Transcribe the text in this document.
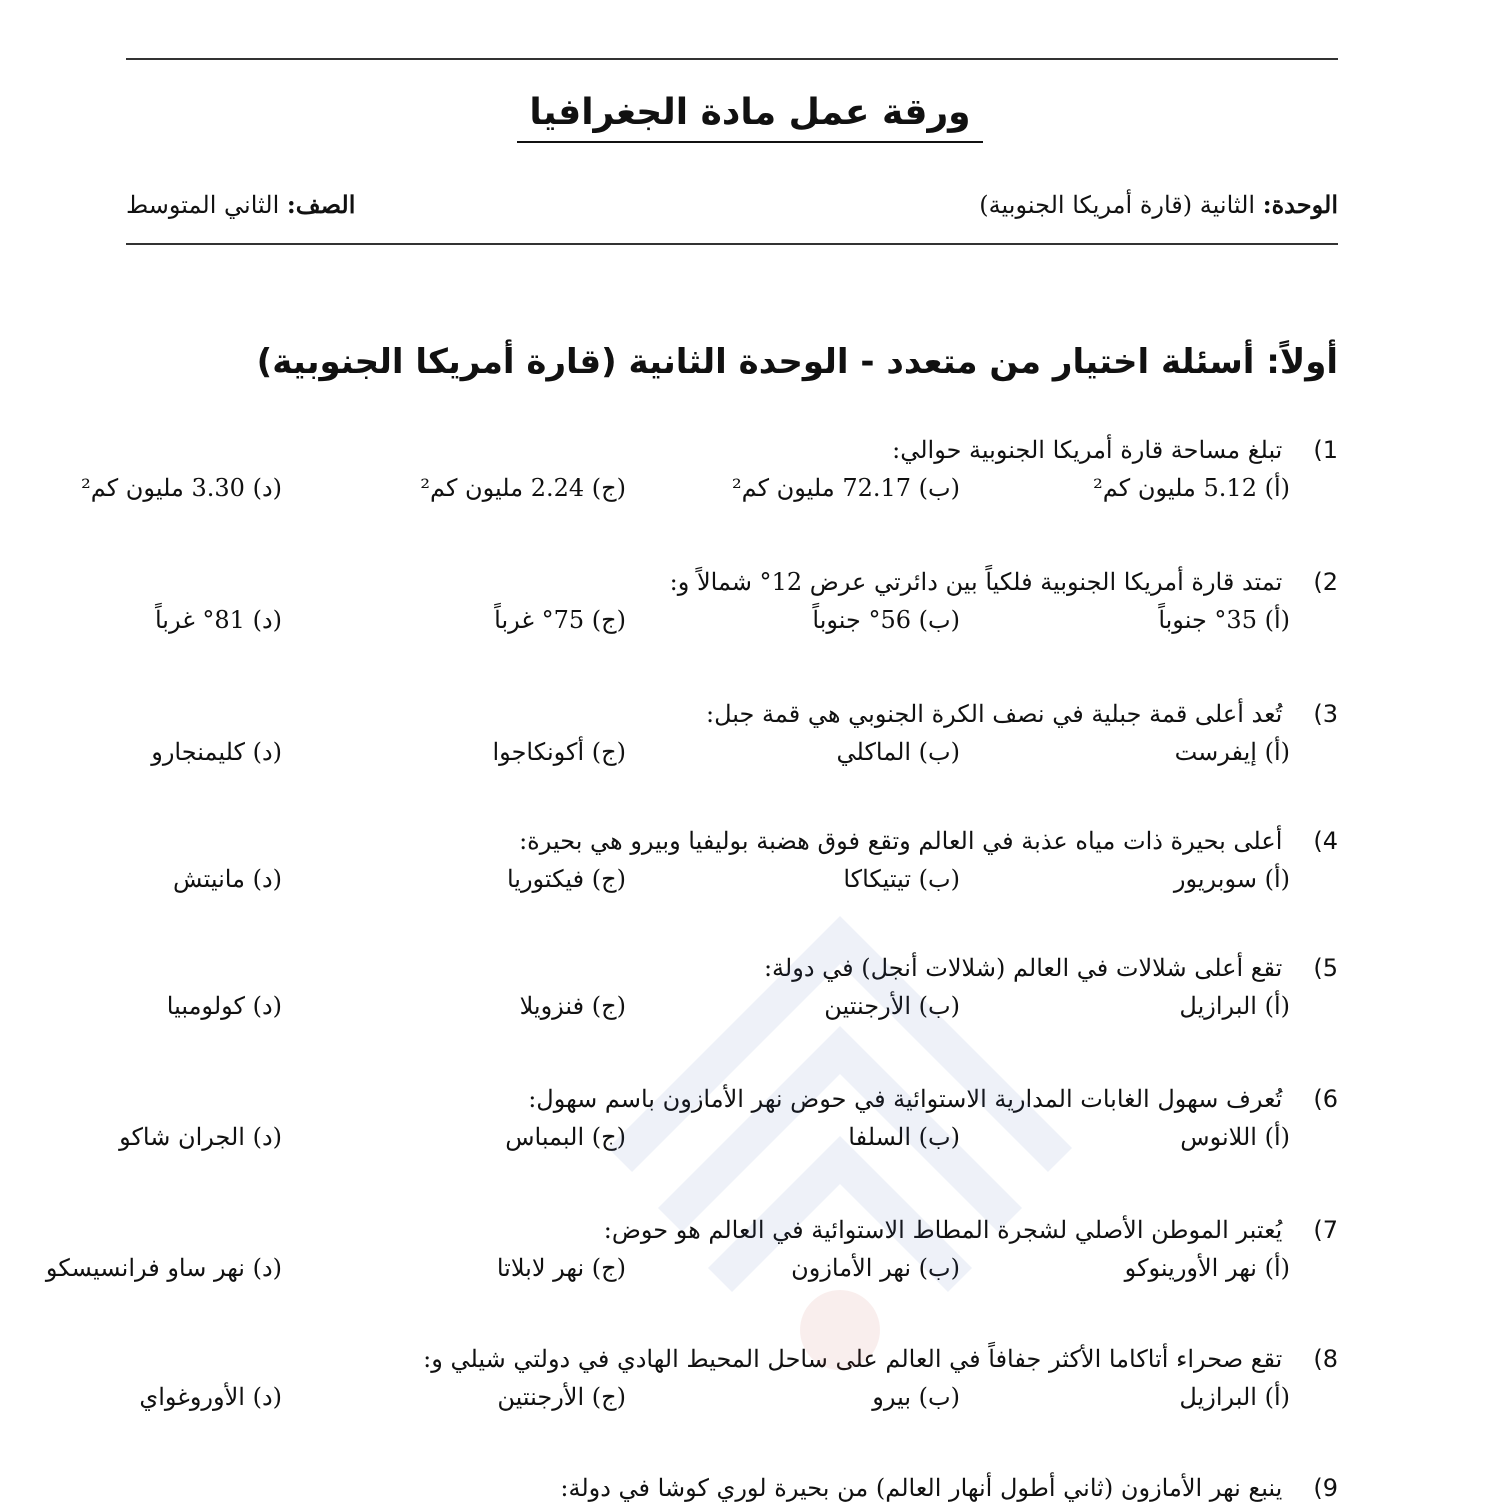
ورقة عمل مادة الجغرافيا
الوحدة: الثانية (قارة أمريكا الجنوبية)
الصف: الثاني المتوسط
أولاً: أسئلة اختيار من متعدد - الوحدة الثانية (قارة أمريكا الجنوبية)
1) تبلغ مساحة قارة أمريكا الجنوبية حوالي:
(أ) 5.12 مليون كم²
(ب) 72.17 مليون كم²
(ج) 2.24 مليون كم²
(د) 3.30 مليون كم²
2) تمتد قارة أمريكا الجنوبية فلكياً بين دائرتي عرض 12° شمالاً و:
(أ) 35° جنوباً
(ب) 56° جنوباً
(ج) 75° غرباً
(د) 81° غرباً
3) تُعد أعلى قمة جبلية في نصف الكرة الجنوبي هي قمة جبل:
(أ) إيفرست
(ب) الماكلي
(ج) أكونكاجوا
(د) كليمنجارو
4) أعلى بحيرة ذات مياه عذبة في العالم وتقع فوق هضبة بوليفيا وبيرو هي بحيرة:
(أ) سوبريور
(ب) تيتيكاكا
(ج) فيكتوريا
(د) مانيتش
5) تقع أعلى شلالات في العالم (شلالات أنجل) في دولة:
(أ) البرازيل
(ب) الأرجنتين
(ج) فنزويلا
(د) كولومبيا
6) تُعرف سهول الغابات المدارية الاستوائية في حوض نهر الأمازون باسم سهول:
(أ) اللانوس
(ب) السلفا
(ج) البمباس
(د) الجران شاكو
7) يُعتبر الموطن الأصلي لشجرة المطاط الاستوائية في العالم هو حوض:
(أ) نهر الأورينوكو
(ب) نهر الأمازون
(ج) نهر لابلاتا
(د) نهر ساو فرانسيسكو
8) تقع صحراء أتاكاما الأكثر جفافاً في العالم على ساحل المحيط الهادي في دولتي شيلي و:
(أ) البرازيل
(ب) بيرو
(ج) الأرجنتين
(د) الأوروغواي
9) ينبع نهر الأمازون (ثاني أطول أنهار العالم) من بحيرة لوري كوشا في دولة:
